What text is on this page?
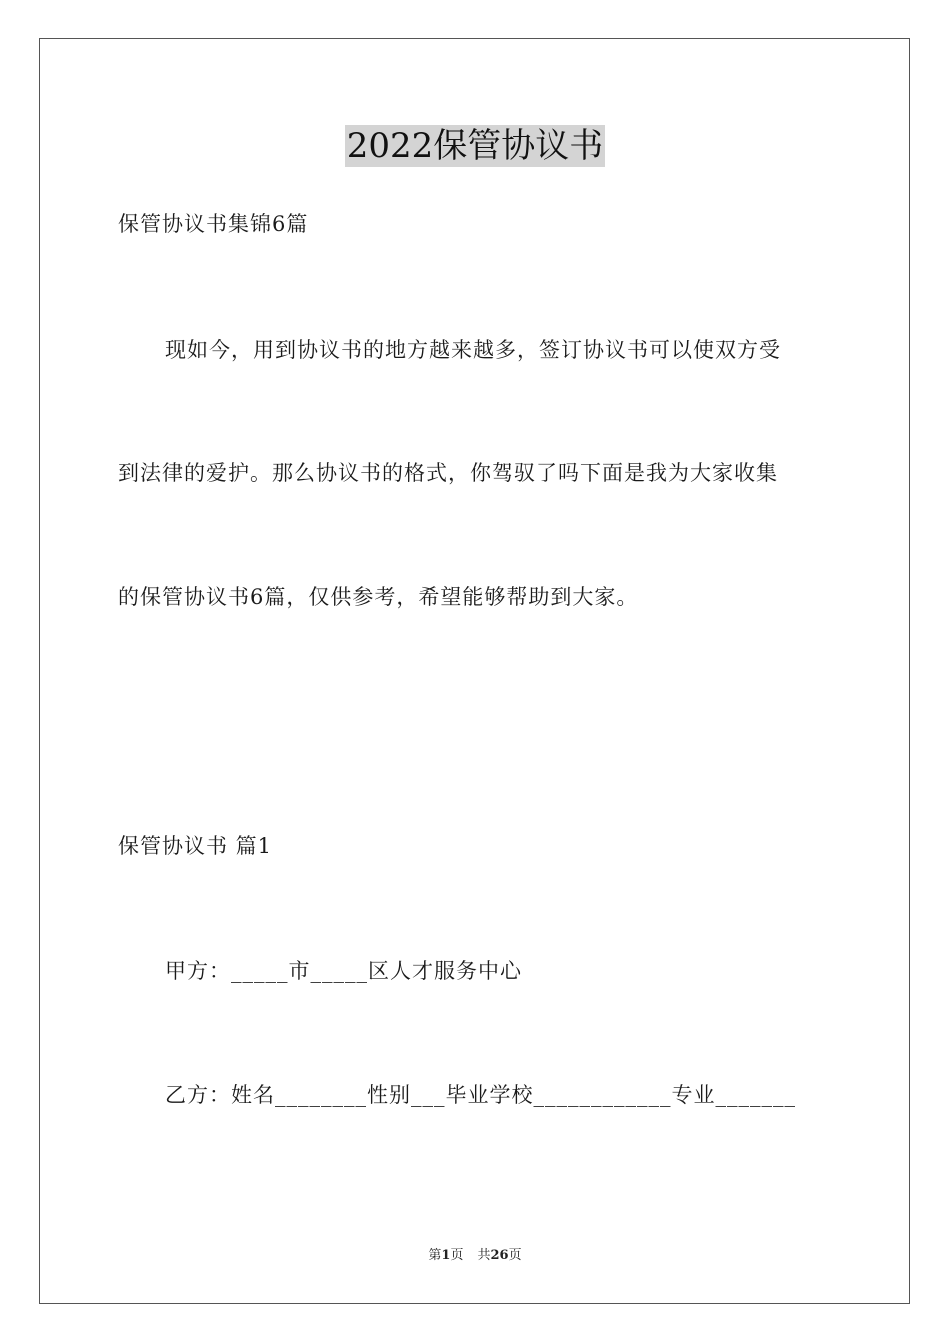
2022保管协议书
保管协议书集锦6篇
现如今，用到协议书的地方越来越多，签订协议书可以使双方受
到法律的爱护。那么协议书的格式，你驾驭了吗下面是我为大家收集
的保管协议书6篇，仅供参考，希望能够帮助到大家。
保管协议书 篇1
甲方：_____市_____区人才服务中心
乙方：姓名________性别___毕业学校____________专业_______
第1页 共26页
